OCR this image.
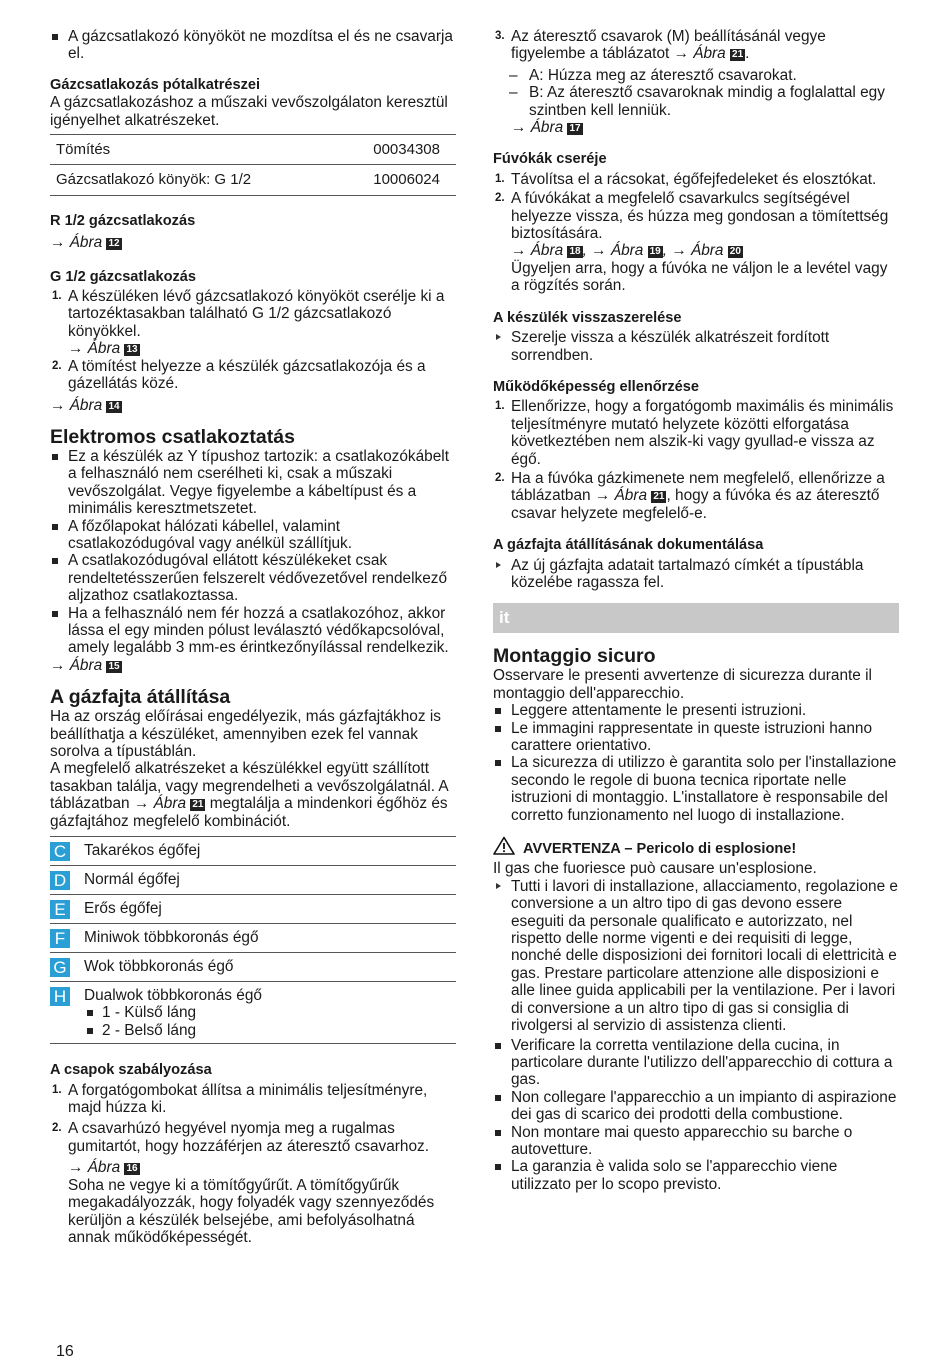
A gázcsatlakozó könyököt ne mozdítsa el és ne csavarja el.

Gázcsatlakozás pótalkatrészei

A gázcsatlakozáshoz a műszaki vevőszolgálaton keresztül igényelhet alkatrészeket.

Tömítés	00034308
Gázcsatlakozó könyök: G 1/2	10006024

R 1/2 gázcsatlakozás

→ Ábra 12

G 1/2 gázcsatlakozás

1. A készüléken lévő gázcsatlakozó könyököt cserélje ki a tartozéktasakban található G 1/2 gázcsatlakozó könyökkel.
→ Ábra 13
2. A tömítést helyezze a készülék gázcsatlakozója és a gázellátás közé.

→ Ábra 14

Elektromos csatlakoztatás

Ez a készülék az Y típushoz tartozik: a csatlakozókábelt a felhasználó nem cserélheti ki, csak a műszaki vevőszolgálat. Vegye figyelembe a kábeltípust és a minimális keresztmetszetet.
A főzőlapokat hálózati kábellel, valamint csatlakozódugóval vagy anélkül szállítjuk.
A csatlakozódugóval ellátott készülékeket csak rendeltetésszerűen felszerelt védővezetővel rendelkező aljzathoz csatlakoztassa.
Ha a felhasználó nem fér hozzá a csatlakozóhoz, akkor lássa el egy minden pólust leválasztó védőkapcsolóval, amely legalább 3 mm-es érintkezőnyílással rendelkezik.

→ Ábra 15

A gázfajta átállítása

Ha az ország előírásai engedélyezik, más gázfajtákhoz is beállíthatja a készüléket, amennyiben ezek fel vannak sorolva a típustáblán.

A megfelelő alkatrészeket a készülékkel együtt szállított tasakban találja, vagy megrendelheti a vevőszolgálatnál. A táblázatban → Ábra 21 megtalálja a mindenkori égőhöz és gázfajtához megfelelő kombinációt.

C Takarékos égőfej
D Normál égőfej
E Erős égőfej
F	Miniwok többkoronás égő
G Wok többkoronás égő
H Dualwok többkoronás égő
1 - Külső láng
2 - Belső láng

A csapok szabályozása

1. A forgatógombokat állítsa a minimális teljesítményre, majd húzza ki.
2. A csavarhúzó hegyével nyomja meg a rugalmas gumitartót, hogy hozzáférjen az áteresztő csavarhoz.
→ Ábra 16
Soha ne vegye ki a tömítőgyűrűt. A tömítőgyűrűk megakadályozzák, hogy folyadék vagy szennyeződés kerüljön a készülék belsejébe, ami befolyásolhatná annak működőképességét.
3. Az áteresztő csavarok (M) beállításánál vegye figyelembe a táblázatot → Ábra 21 .
– A: Húzza meg az áteresztő csavarokat.
– B: Az áteresztő csavaroknak mindig a foglalattal egy szintben kell lenniük.
→ Ábra 17

Fúvókák cseréje

1. Távolítsa el a rácsokat, égőfejfedeleket és elosztókat.
2. A fúvókákat a megfelelő csavarkulcs segítségével helyezze vissza, és húzza meg gondosan a tömítettség biztosítására.
→ Ábra 18 , → Ábra 19 , → Ábra 20
Ügyeljen arra, hogy a fúvóka ne váljon le a levétel vagy a rögzítés során.

A készülék visszaszerelése

Szerelje vissza a készülék alkatrészeit fordított sorrendben.

Működőképesség ellenőrzése

1. Ellenőrizze, hogy a forgatógomb maximális és minimális teljesítményre mutató helyzete közötti elforgatása következtében nem alszik-ki vagy gyullad-e vissza az égő.
2. Ha a fúvóka gázkimenete nem megfelelő, ellenőrizze a táblázatban → Ábra 21 , hogy a fúvóka és az áteresztő csavar helyzete megfelelő-e.

A gázfajta átállításának dokumentálása

Az új gázfajta adatait tartalmazó címkét a típustábla közelébe ragassza fel.
it

Montaggio sicuro

Osservare le presenti avvertenze di sicurezza durante il montaggio dell'apparecchio.

Leggere attentamente le presenti istruzioni.
Le immagini rappresentate in queste istruzioni hanno carattere orientativo.
La sicurezza di utilizzo è garantita solo per l'installazione secondo le regole di buona tecnica riportate nelle istruzioni di montaggio. L'installatore è responsabile del corretto funzionamento nel luogo di installazione.

AVVERTENZA – Pericolo di esplosione!

Il gas che fuoriesce può causare un'esplosione.

Tutti i lavori di installazione, allacciamento, regolazione e conversione a un altro tipo di gas devono essere eseguiti da personale qualificato e autorizzato, nel rispetto delle norme vigenti e dei requisiti di legge, nonché delle disposizioni dei fornitori locali di elettricità e gas. Prestare particolare attenzione alle disposizioni e alle linee guida applicabili per la ventilazione. Per i lavori di conversione a un altro tipo di gas si consiglia di rivolgersi al servizio di assistenza clienti.
Verificare la corretta ventilazione della cucina, in particolare durante l'utilizzo dell'apparecchio di cottura a gas.
Non collegare l'apparecchio a un impianto di aspirazione dei gas di scarico dei prodotti della combustione.
Non montare mai questo apparecchio su barche o autovetture.
La garanzia è valida solo se l'apparecchio viene utilizzato per lo scopo previsto.
16
